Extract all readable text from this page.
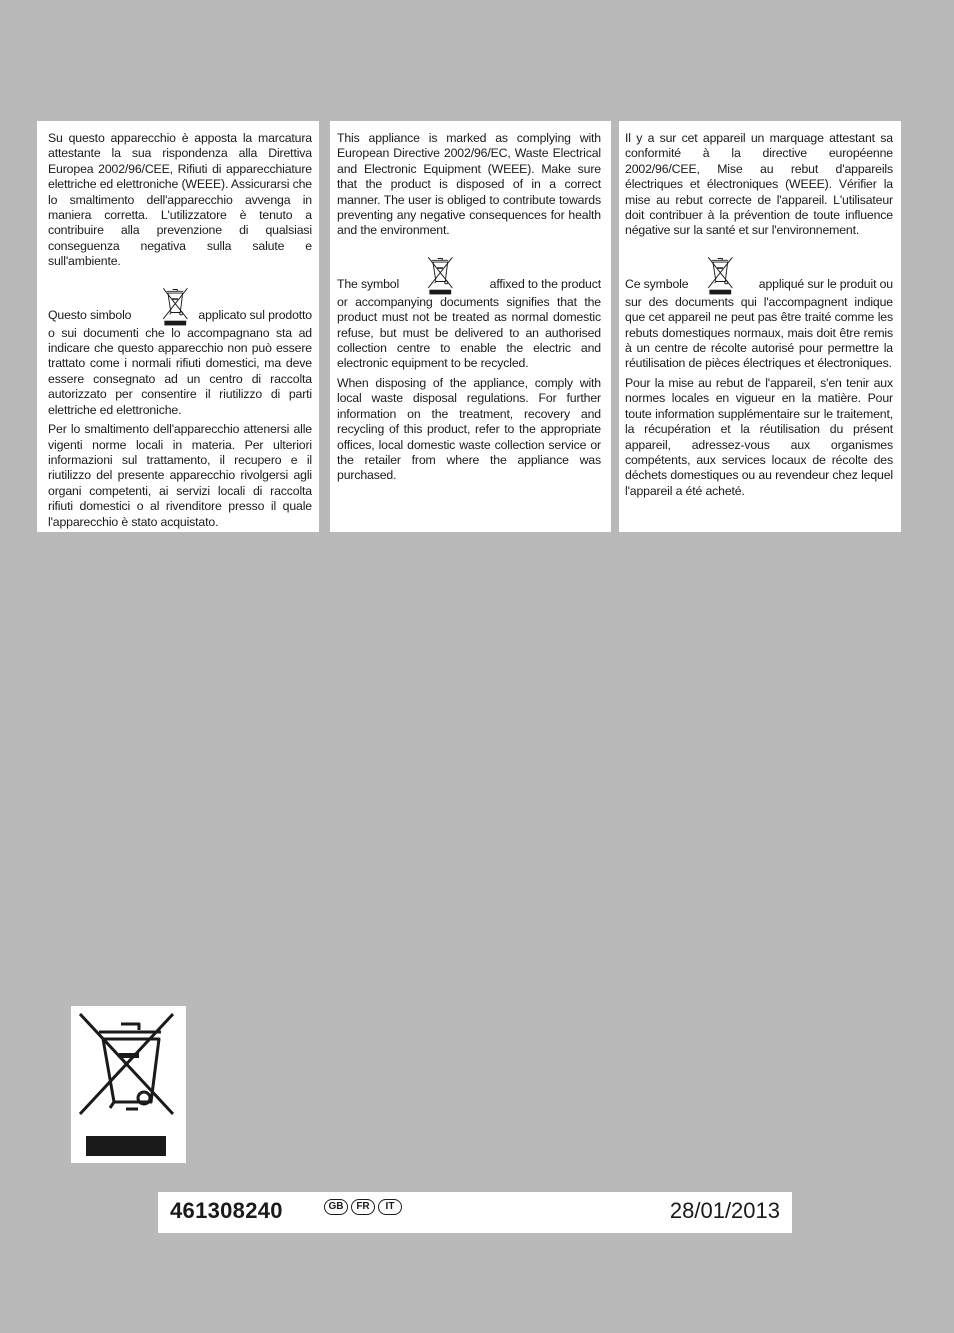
Su questo apparecchio è apposta la marcatura attestante la sua rispondenza alla Direttiva Europea 2002/96/CEE, Rifiuti di apparecchiature elettriche ed elettroniche (WEEE). Assicurarsi che lo smaltimento dell'apparecchio avvenga in maniera corretta. L'utilizzatore è tenuto a contribuire alla prevenzione di qualsiasi conseguenza negativa sulla salute e sull'ambiente.

Questo simbolo	applicato sul prodotto

o sui documenti che lo accompagnano sta ad indicare che questo apparecchio non può essere trattato come i normali rifiuti domestici, ma deve essere consegnato ad un centro di raccolta autorizzato per consentire il riutilizzo di parti elettriche ed elettroniche.

Per lo smaltimento dell'apparecchio attenersi alle vigenti norme locali in materia. Per ulteriori informazioni sul trattamento, il recupero e il riutilizzo del presente apparecchio rivolgersi agli organi competenti, ai servizi locali di raccolta rifiuti domestici o al rivenditore presso il quale l'apparecchio è stato acquistato.

This appliance is marked as complying with European Directive 2002/96/EC, Waste Electrical and Electronic Equipment (WEEE). Make sure that the product is disposed of in a correct manner. The user is obliged to contribute towards preventing any negative consequences for health and the environment.

The symbol	affixed to the product

or accompanying documents signifies that the product must not be treated as normal domestic refuse, but must be delivered to an authorised collection centre to enable the electric and electronic equipment to be recycled.

When disposing of the appliance, comply with local waste disposal regulations. For further information on the treatment, recovery and recycling of this product, refer to the appropriate offices, local domestic waste collection service or the retailer from where the appliance was purchased.

Il y a sur cet appareil un marquage attestant sa conformité à la directive européenne 2002/96/CEE, Mise au rebut d'appareils électriques et électroniques (WEEE). Vérifier la mise au rebut correcte de l'appareil. L'utilisateur doit contribuer à la prévention de toute influence négative sur la santé et sur l'environnement.

Ce symbole	appliqué sur le produit ou

sur des documents qui l'accompagnent indique que cet appareil ne peut pas être traité comme les rebuts domestiques normaux, mais doit être remis à un centre de récolte autorisé pour permettre la réutilisation de pièces électriques et électroniques.

Pour la mise au rebut de l'appareil, s'en tenir aux normes locales en vigueur en la matière. Pour toute information supplémentaire sur le traitement, la récupération et la réutilisation du présent appareil, adressez-vous aux organismes compétents, aux services locaux de récolte des déchets domestiques ou au revendeur chez lequel l'appareil a été acheté.

461308240	GB	FR	IT	28/01/2013
